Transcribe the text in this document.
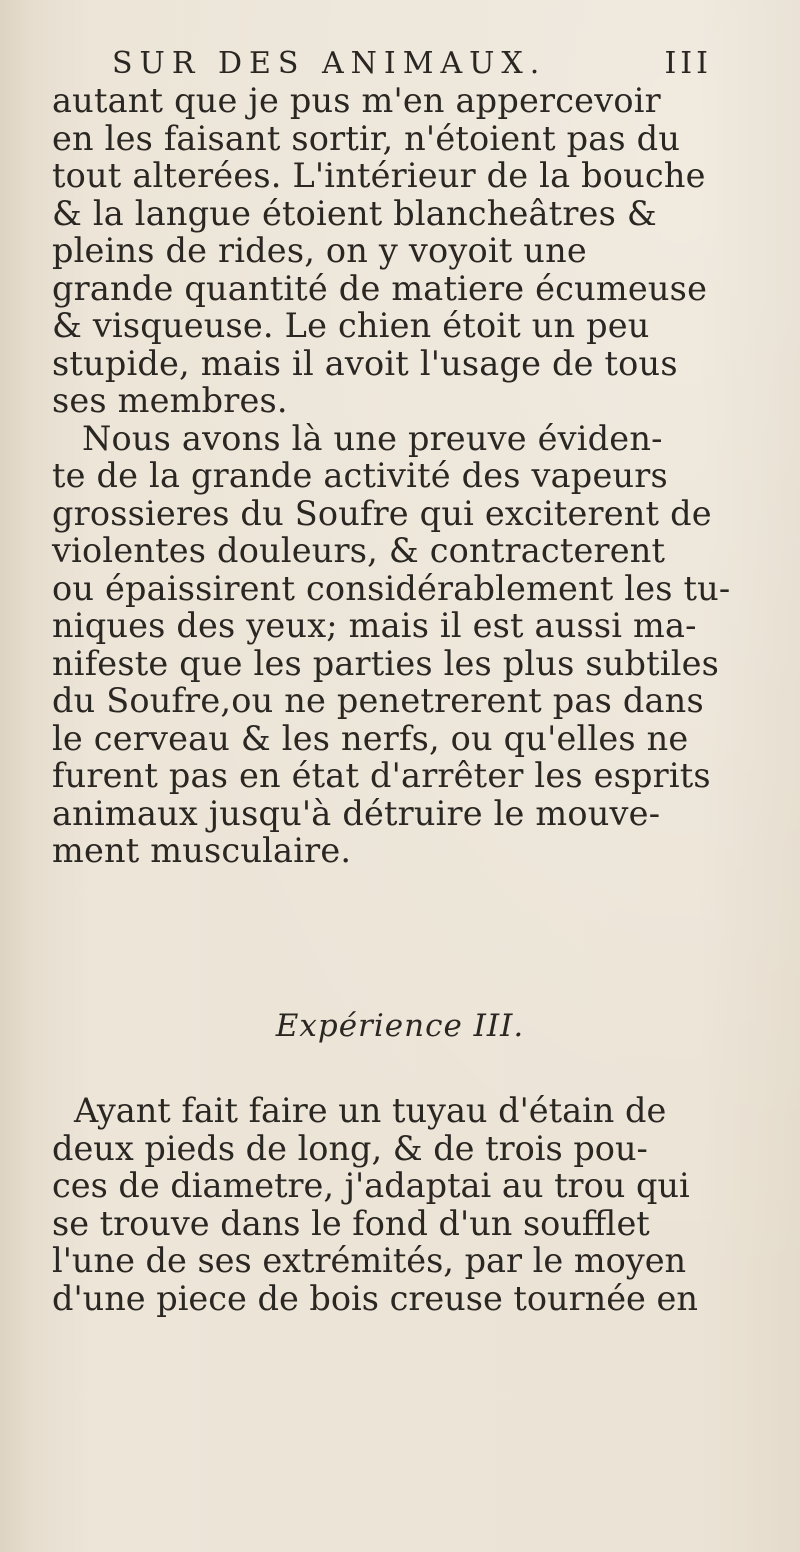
SUR DES ANIMAUX.	III
autant que je pus m'en appercevoir
en les faisant sortir, n'étoient pas du
tout alterées. L'intérieur de la bouche
& la langue étoient blancheâtres &
pleins de rides, on y voyoit une
grande quantité de matiere écumeuse
& visqueuse. Le chien étoit un peu
stupide, mais il avoit l'usage de tous
ses membres.
Nous avons là une preuve éviden-
te de la grande activité des vapeurs
grossieres du Soufre qui exciterent de
violentes douleurs, & contracterent
ou épaissirent considérablement les tu-
niques des yeux; mais il est aussi ma-
nifeste que les parties les plus subtiles
du Soufre,ou ne penetrerent pas dans
le cerveau & les nerfs, ou qu'elles ne
furent pas en état d'arrêter les esprits
animaux jusqu'à détruire le mouve-
ment musculaire.
Expérience III.
Ayant fait faire un tuyau d'étain de
deux pieds de long, & de trois pou-
ces de diametre, j'adaptai au trou qui
se trouve dans le fond d'un soufflet
l'une de ses extrémités, par le moyen
d'une piece de bois creuse tournée en
